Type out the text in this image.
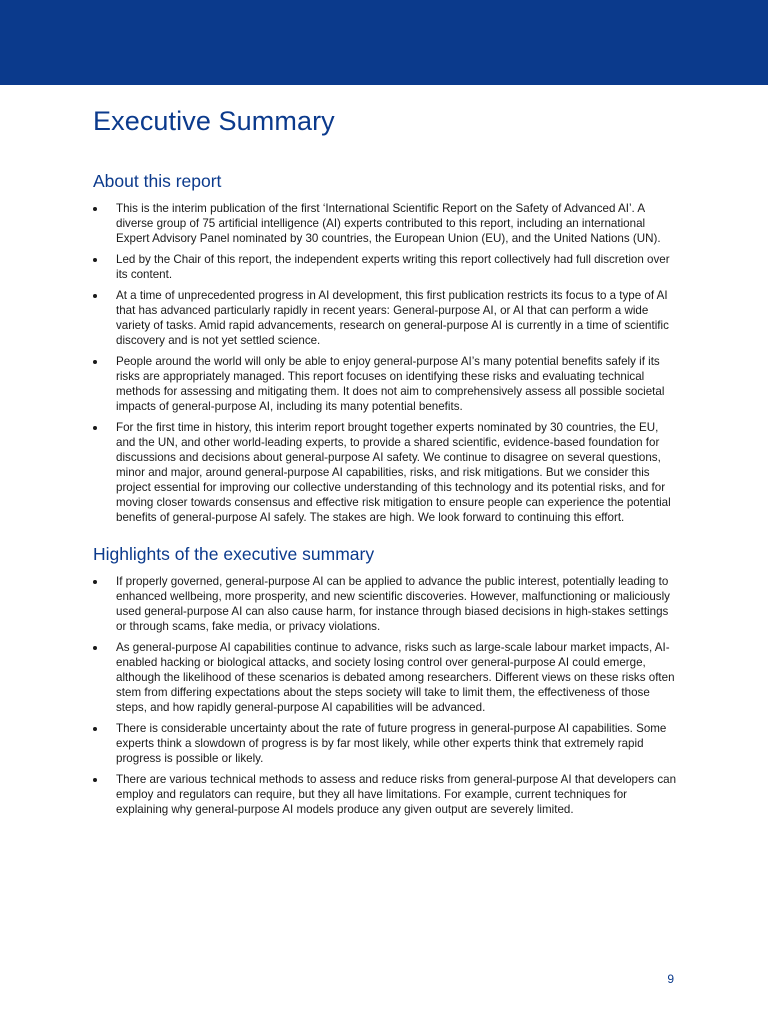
Executive Summary
About this report
This is the interim publication of the first ‘International Scientific Report on the Safety of Advanced AI’. A diverse group of 75 artificial intelligence (AI) experts contributed to this report, including an international Expert Advisory Panel nominated by 30 countries, the European Union (EU), and the United Nations (UN).
Led by the Chair of this report, the independent experts writing this report collectively had full discretion over its content.
At a time of unprecedented progress in AI development, this first publication restricts its focus to a type of AI that has advanced particularly rapidly in recent years: General-purpose AI, or AI that can perform a wide variety of tasks. Amid rapid advancements, research on general-purpose AI is currently in a time of scientific discovery and is not yet settled science.
People around the world will only be able to enjoy general-purpose AI’s many potential benefits safely if its risks are appropriately managed. This report focuses on identifying these risks and evaluating technical methods for assessing and mitigating them. It does not aim to comprehensively assess all possible societal impacts of general-purpose AI, including its many potential benefits.
For the first time in history, this interim report brought together experts nominated by 30 countries, the EU, and the UN, and other world-leading experts, to provide a shared scientific, evidence-based foundation for discussions and decisions about general-purpose AI safety. We continue to disagree on several questions, minor and major, around general-purpose AI capabilities, risks, and risk mitigations. But we consider this project essential for improving our collective understanding of this technology and its potential risks, and for moving closer towards consensus and effective risk mitigation to ensure people can experience the potential benefits of general-purpose AI safely. The stakes are high. We look forward to continuing this effort.
Highlights of the executive summary
If properly governed, general-purpose AI can be applied to advance the public interest, potentially leading to enhanced wellbeing, more prosperity, and new scientific discoveries. However, malfunctioning or maliciously used general-purpose AI can also cause harm, for instance through biased decisions in high-stakes settings or through scams, fake media, or privacy violations.
As general-purpose AI capabilities continue to advance, risks such as large-scale labour market impacts, AI-enabled hacking or biological attacks, and society losing control over general-purpose AI could emerge, although the likelihood of these scenarios is debated among researchers. Different views on these risks often stem from differing expectations about the steps society will take to limit them, the effectiveness of those steps, and how rapidly general-purpose AI capabilities will be advanced.
There is considerable uncertainty about the rate of future progress in general-purpose AI capabilities. Some experts think a slowdown of progress is by far most likely, while other experts think that extremely rapid progress is possible or likely.
There are various technical methods to assess and reduce risks from general-purpose AI that developers can employ and regulators can require, but they all have limitations. For example, current techniques for explaining why general-purpose AI models produce any given output are severely limited.
9
